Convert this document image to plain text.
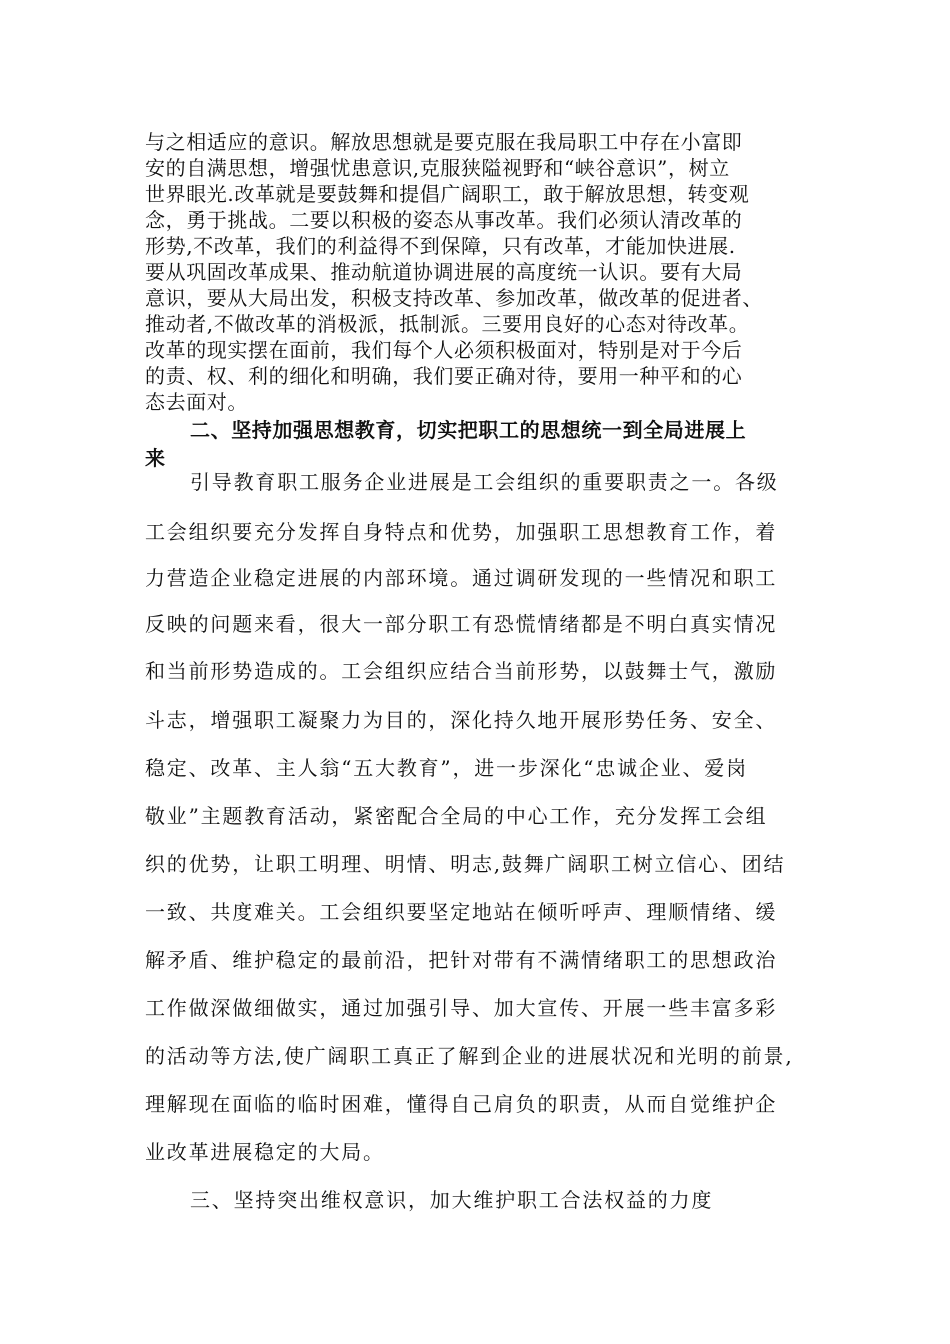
与之相适应的意识。解放思想就是要克服在我局职工中存在小富即
安的自满思想，增强忧患意识,克服狭隘视野和“峡谷意识”，树立
世界眼光.改革就是要鼓舞和提倡广阔职工，敢于解放思想，转变观
念，勇于挑战。二要以积极的姿态从事改革。我们必须认清改革的
形势,不改革，我们的利益得不到保障，只有改革，才能加快进展.
要从巩固改革成果、推动航道协调进展的高度统一认识。要有大局
意识，要从大局出发，积极支持改革、参加改革，做改革的促进者、
推动者,不做改革的消极派，抵制派。三要用良好的心态对待改革。
改革的现实摆在面前，我们每个人必须积极面对，特别是对于今后
的责、权、利的细化和明确，我们要正确对待，要用一种平和的心
态去面对。
二、坚持加强思想教育，切实把职工的思想统一到全局进展上
来
引导教育职工服务企业进展是工会组织的重要职责之一。各级
工会组织要充分发挥自身特点和优势，加强职工思想教育工作，着
力营造企业稳定进展的内部环境。通过调研发现的一些情况和职工
反映的问题来看，很大一部分职工有恐慌情绪都是不明白真实情况
和当前形势造成的。工会组织应结合当前形势，以鼓舞士气，激励
斗志，增强职工凝聚力为目的，深化持久地开展形势任务、安全、
稳定、改革、主人翁“五大教育”，进一步深化“忠诚企业、爱岗
敬业”主题教育活动，紧密配合全局的中心工作，充分发挥工会组
织的优势，让职工明理、明情、明志,鼓舞广阔职工树立信心、团结
一致、共度难关。工会组织要坚定地站在倾听呼声、理顺情绪、缓
解矛盾、维护稳定的最前沿，把针对带有不满情绪职工的思想政治
工作做深做细做实，通过加强引导、加大宣传、开展一些丰富多彩
的活动等方法,使广阔职工真正了解到企业的进展状况和光明的前景,
理解现在面临的临时困难，懂得自己肩负的职责，从而自觉维护企
业改革进展稳定的大局。
三、坚持突出维权意识，加大维护职工合法权益的力度
